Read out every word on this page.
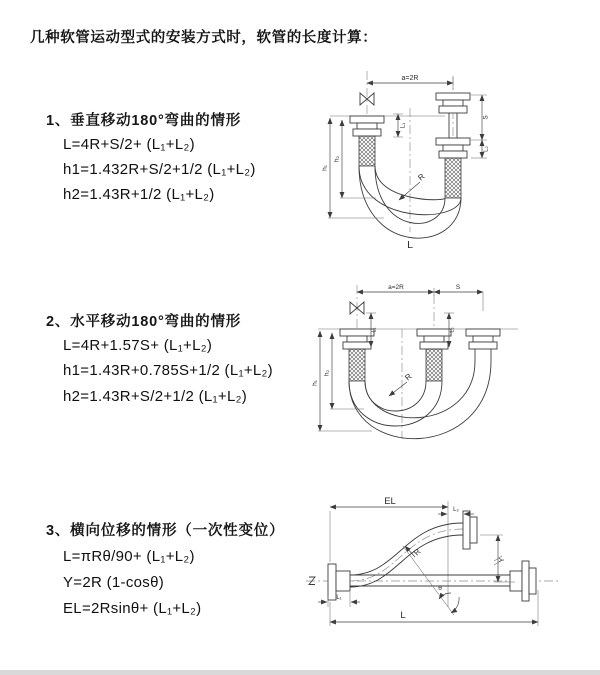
几种软管运动型式的安装方式时，软管的长度计算：
1、垂直移动180°弯曲的情形
L=4R+S/2+ (L₁+L₂)
h1=1.432R+S/2+1/2 (L₁+L₂)
h2=1.43R+1/2 (L₁+L₂)
2、水平移动180°弯曲的情形
L=4R+1.57S+ (L₁+L₂)
h1=1.43R+0.785S+1/2 (L₁+L₂)
h2=1.43R+S/2+1/2 (L₁+L₂)
3、横向位移的情形（一次性变位）
L=πRθ/90+ (L₁+L₂)
Y=2R (1-cosθ)
EL=2Rsinθ+ (L₁+L₂)
a=2R
L₁
h₁
h₂
S
L₂
R
L
a=2R	S
L₁	L₂
h₁
h₂	R
EL
L₂
Y
θ
R
L
L₁
